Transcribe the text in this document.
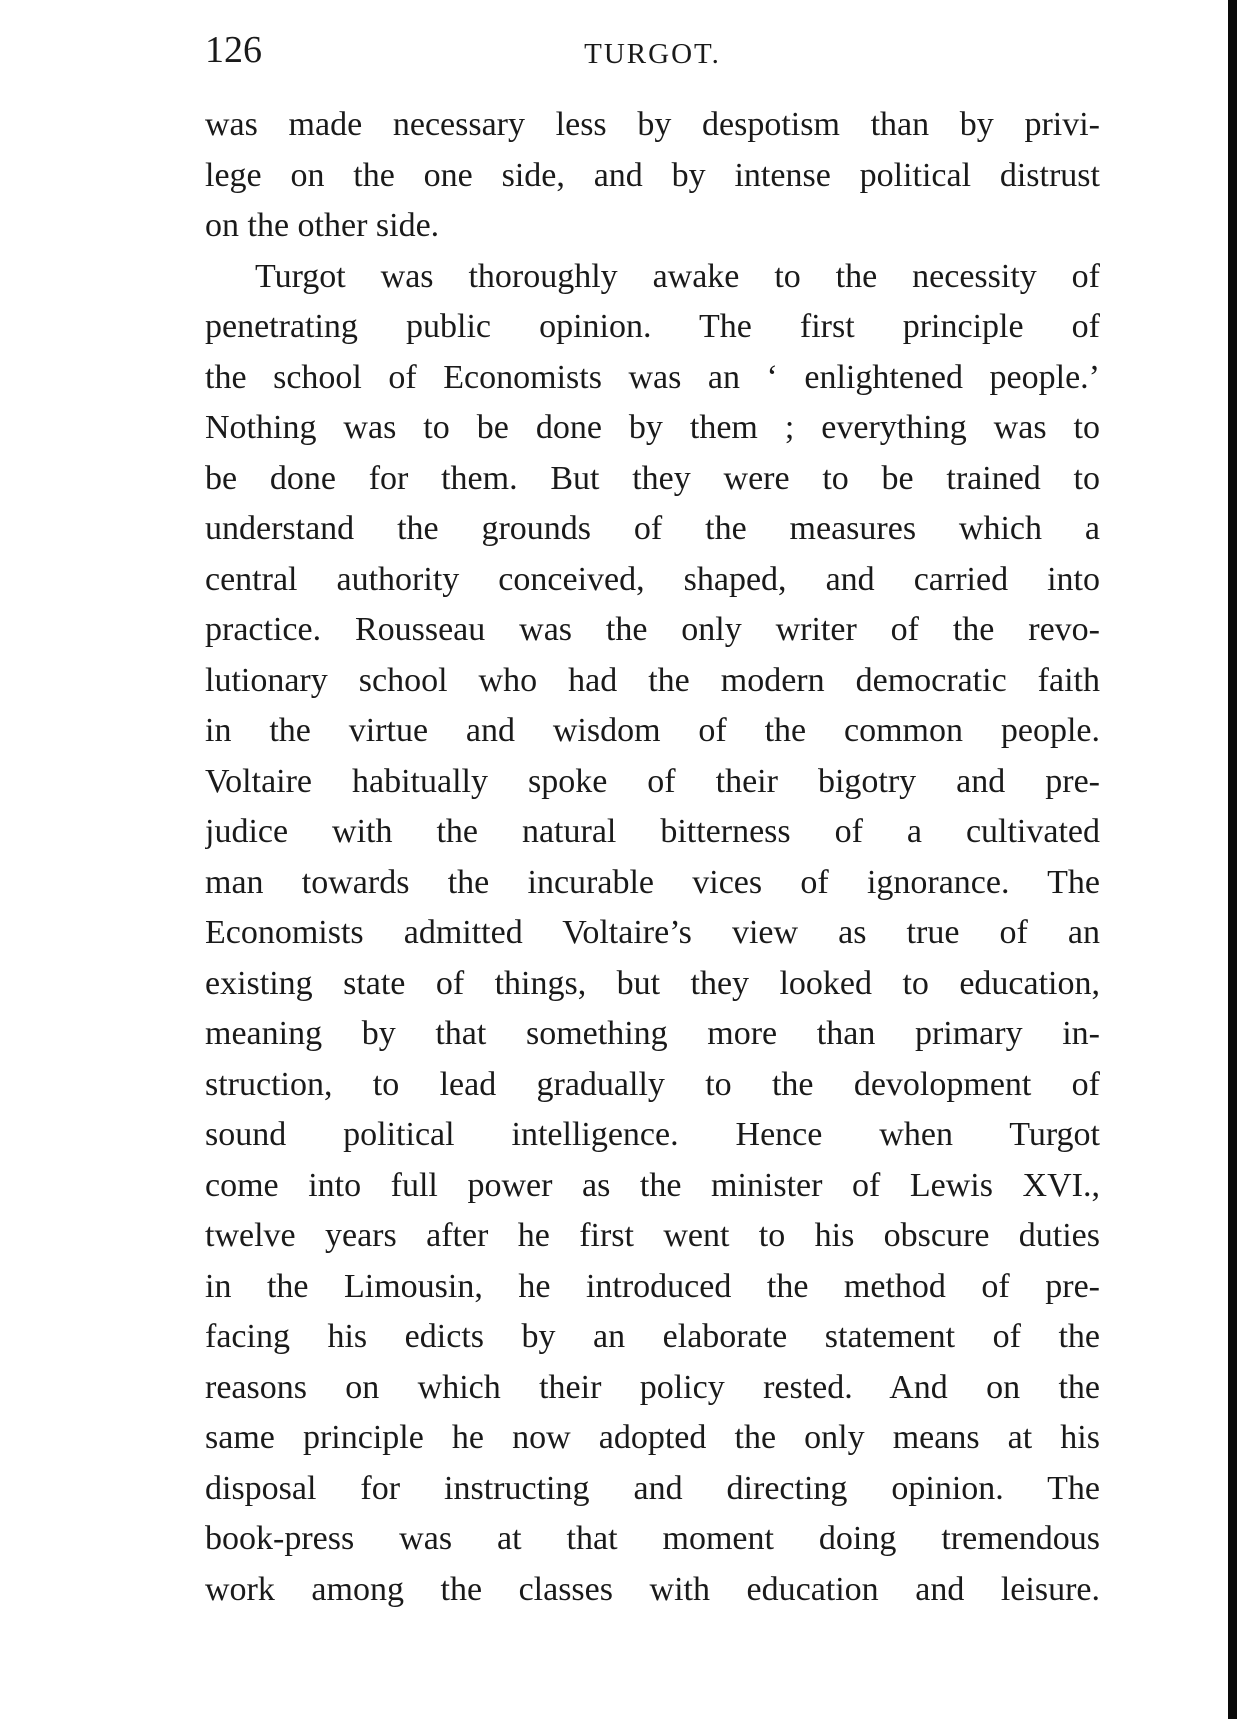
126	TURGOT.
was made necessary less by despotism than by privi-
lege on the one side, and by intense political distrust
on the other side.
Turgot was thoroughly awake to the necessity of
penetrating public opinion. The first principle of
the school of Economists was an ‘ enlightened people.’
Nothing was to be done by them ; everything was to
be done for them. But they were to be trained to
understand the grounds of the measures which a
central authority conceived, shaped, and carried into
practice. Rousseau was the only writer of the revo-
lutionary school who had the modern democratic faith
in the virtue and wisdom of the common people.
Voltaire habitually spoke of their bigotry and pre-
judice with the natural bitterness of a cultivated
man towards the incurable vices of ignorance. The
Economists admitted Voltaire’s view as true of an
existing state of things, but they looked to education,
meaning by that something more than primary in-
struction, to lead gradually to the devolopment of
sound political intelligence. Hence when Turgot
come into full power as the minister of Lewis XVI.,
twelve years after he first went to his obscure duties
in the Limousin, he introduced the method of pre-
facing his edicts by an elaborate statement of the
reasons on which their policy rested. And on the
same principle he now adopted the only means at his
disposal for instructing and directing opinion. The
book-press was at that moment doing tremendous
work among the classes with education and leisure.
